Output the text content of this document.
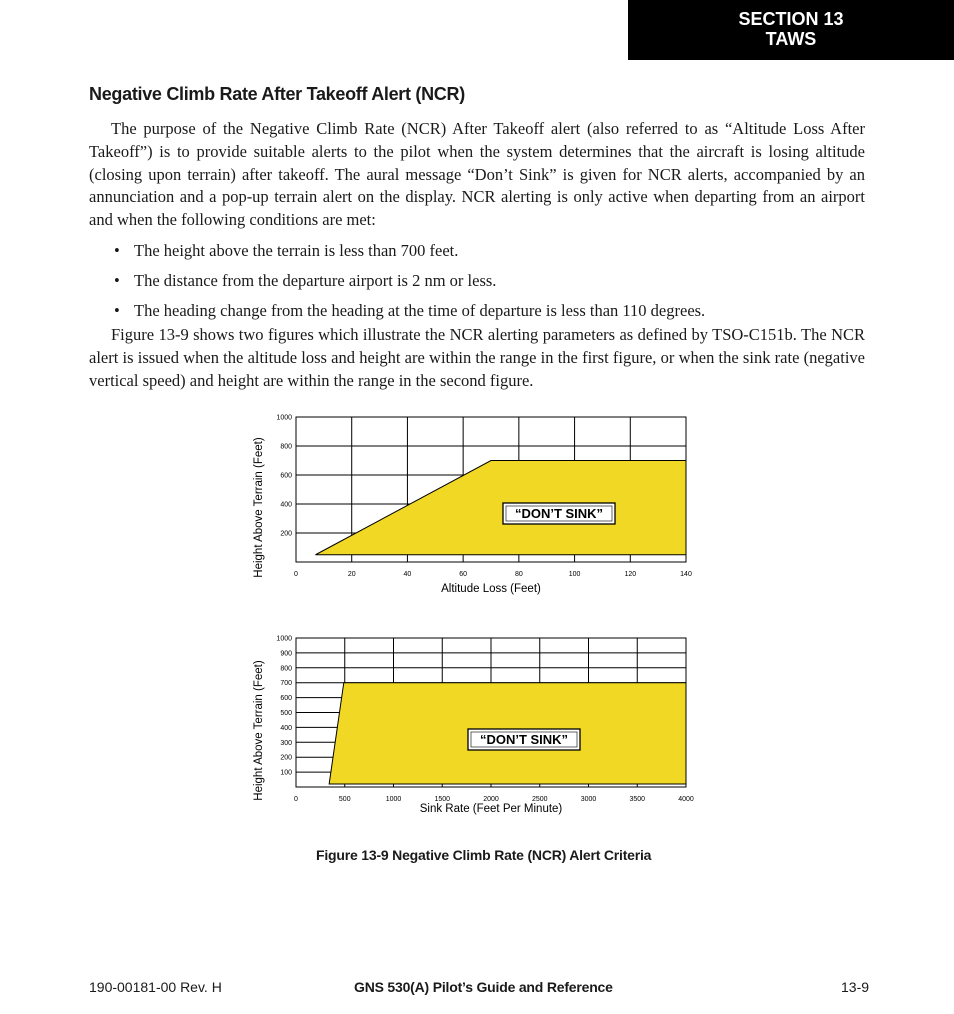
SECTION 13
TAWS
Negative Climb Rate After Takeoff Alert (NCR)
The purpose of the Negative Climb Rate (NCR) After Takeoff alert (also referred to as “Altitude Loss After Takeoff”) is to provide suitable alerts to the pilot when the system determines that the aircraft is losing altitude (closing upon terrain) after takeoff. The aural message “Don’t Sink” is given for NCR alerts, accompanied by an annunciation and a pop-up terrain alert on the display. NCR alerting is only active when departing from an airport and when the following conditions are met:
• The height above the terrain is less than 700 feet.
• The distance from the departure airport is 2 nm or less.
• The heading change from the heading at the time of departure is less than 110 degrees.
Figure 13-9 shows two figures which illustrate the NCR alerting parameters as defined by TSO-C151b. The NCR alert is issued when the altitude loss and height are within the range in the first figure, or when the sink rate (negative vertical speed) and height are within the range in the second figure.
0	20	40	60	80	100	120	140
200
400
600
800
1000
Altitude Loss (Feet)
Height Above Terrain (Feet)	“DON’T SINK”
0	500	1000	1500	2000	2500	3000	3500	4000
100
200
300
400
500
600
700
800
900
1000
Sink Rate (Feet Per Minute)
Height Above Terrain (Feet)	“DON’T SINK”
Figure 13-9 Negative Climb Rate (NCR) Alert Criteria
190-00181-00 Rev. H	GNS 530(A) Pilot’s Guide and Reference	13-9
